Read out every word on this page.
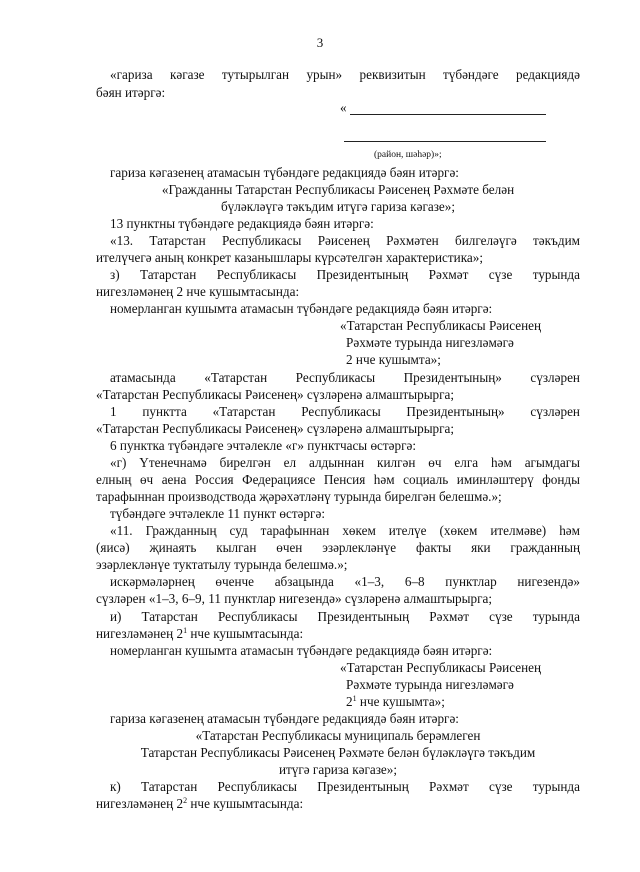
3
«гариза кәгазе тутырылган урын» реквизитын түбәндәге редакциядә
бәян итәргә:
«
(район, шәһәр)»;
гариза кәгазенең атамасын түбәндәге редакциядә бәян итәргә:
«Гражданны Татарстан Республикасы Рәисенең Рәхмәте белән
бүләкләүгә тәкъдим итүгә гариза кәгазе»;
13 пунктны түбәндәге редакциядә бәян итәргә:
«13. Татарстан Республикасы Рәисенең Рәхмәтен билгеләүгә тәкъдим
ителүчегә аның конкрет казанышлары күрсәтелгән характеристика»;
з) Татарстан Республикасы Президентының Рәхмәт сүзе турында
нигезләмәнең 2 нче кушымтасында:
номерланган кушымта атамасын түбәндәге редакциядә бәян итәргә:
«Татарстан Республикасы Рәисенең
Рәхмәте турында нигезләмәгә
2 нче кушымта»;
атамасында «Татарстан Республикасы Президентының» сүзләрен
«Татарстан Республикасы Рәисенең» сүзләренә алмаштырырга;
1 пунктта «Татарстан Республикасы Президентының» сүзләрен
«Татарстан Республикасы Рәисенең» сүзләренә алмаштырырга;
6 пунктка түбәндәге эчтәлекле «г» пунктчасы өстәргә:
«г) Үтенечнамә бирелгән ел алдыннан килгән өч елга һәм агымдагы
елның өч аена Россия Федерациясе Пенсия һәм социаль иминләштерү фонды
тарафыннан производствода җәрәхәтләнү турында бирелгән белешмә.»;
түбәндәге эчтәлекле 11 пункт өстәргә:
«11. Гражданның суд тарафыннан хөкем ителүе (хөкем ителмәве) һәм
(яисә) җинаять кылган өчен эзәрлекләнүе факты яки гражданның
эзәрлекләнүе туктатылу турында белешмә.»;
искәрмәләрнең өченче абзацында «1–3, 6–8 пунктлар нигезендә»
сүзләрен «1–3, 6–9, 11 пунктлар нигезендә» сүзләренә алмаштырырга;
и) Татарстан Республикасы Президентының Рәхмәт сүзе турында
нигезләмәнең $2^1$ нче кушымтасында:
номерланган кушымта атамасын түбәндәге редакциядә бәян итәргә:
«Татарстан Республикасы Рәисенең
Рәхмәте турында нигезләмәгә
$2^1$ нче кушымта»;
гариза кәгазенең атамасын түбәндәге редакциядә бәян итәргә:
«Татарстан Республикасы муниципаль берәмлеген
Татарстан Республикасы Рәисенең Рәхмәте белән бүләкләүгә тәкъдим
итүгә гариза кәгазе»;
к) Татарстан Республикасы Президентының Рәхмәт сүзе турында
нигезләмәнең $2^2$ нче кушымтасында:
